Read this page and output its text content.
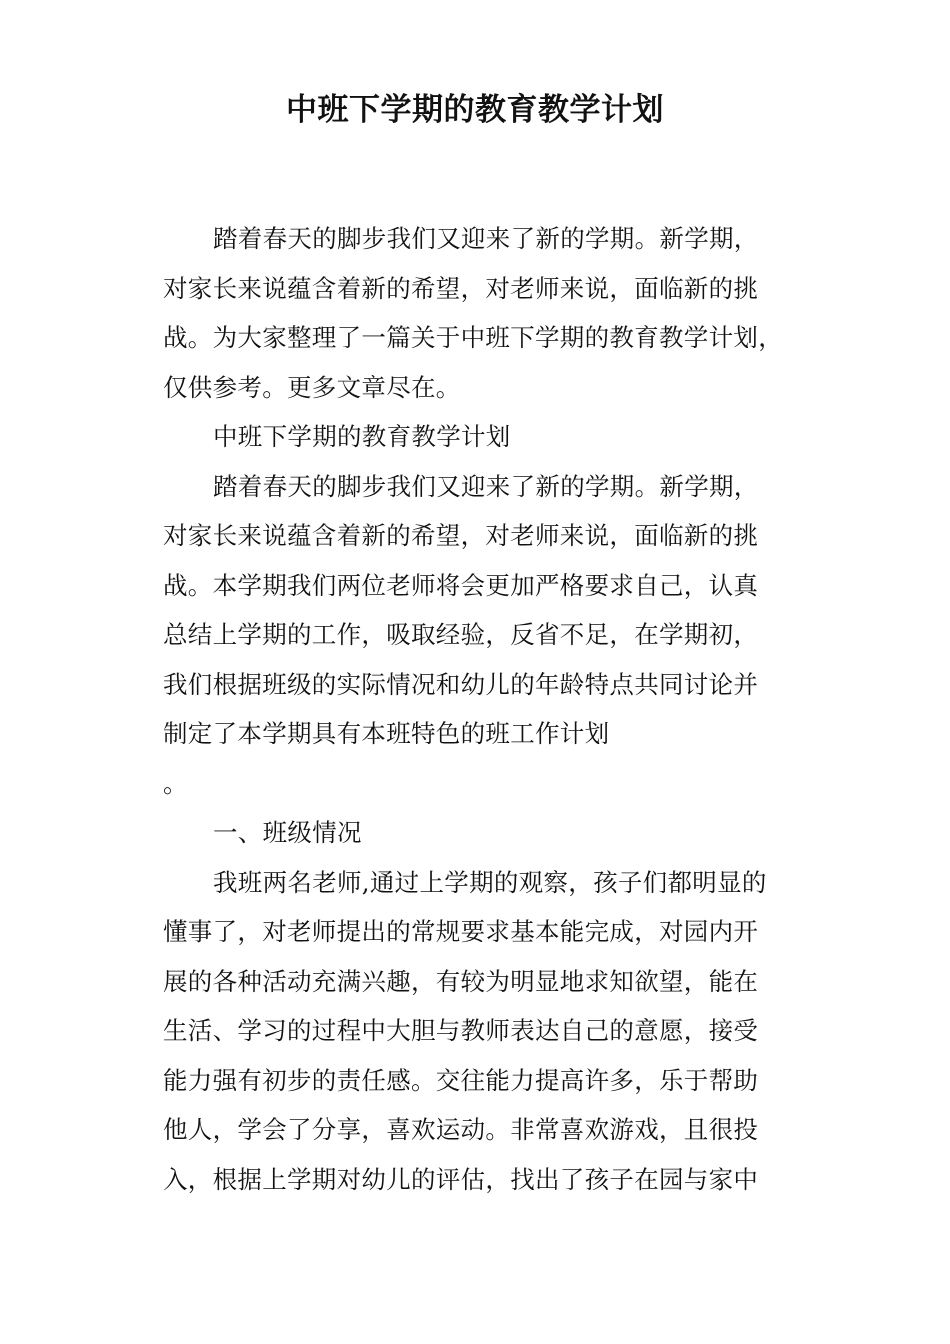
中班下学期的教育教学计划
踏着春天的脚步我们又迎来了新的学期。新学期，
对家长来说蕴含着新的希望，对老师来说，面临新的挑
战。为大家整理了一篇关于中班下学期的教育教学计划，
仅供参考。更多文章尽在。
中班下学期的教育教学计划
踏着春天的脚步我们又迎来了新的学期。新学期，
对家长来说蕴含着新的希望，对老师来说，面临新的挑
战。本学期我们两位老师将会更加严格要求自己，认真
总结上学期的工作，吸取经验，反省不足，在学期初，
我们根据班级的实际情况和幼儿的年龄特点共同讨论并
制定了本学期具有本班特色的班工作计划
。
一、班级情况
我班两名老师,通过上学期的观察，孩子们都明显的
懂事了，对老师提出的常规要求基本能完成，对园内开
展的各种活动充满兴趣，有较为明显地求知欲望，能在
生活、学习的过程中大胆与教师表达自己的意愿，接受
能力强有初步的责任感。交往能力提高许多，乐于帮助
他人，学会了分享，喜欢运动。非常喜欢游戏，且很投
入，根据上学期对幼儿的评估，找出了孩子在园与家中
